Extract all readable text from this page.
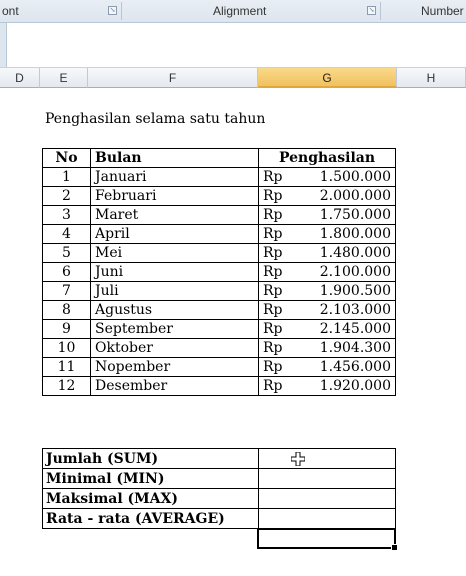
ont	↘	Alignment	↘	Number
D	E	F	G	H
Penghasilan selama satu tahun
No	Bulan	Penghasilan
1	Januari	Rp 1.500.000

2	Februari	Rp 2.000.000

3	Maret	Rp 1.750.000

4	April	Rp 1.800.000

5	Mei	Rp 1.480.000

6	Juni	Rp 2.100.000

7	Juli	Rp 1.900.500

8	Agustus	Rp 2.103.000

9	September	Rp 2.145.000

10	Oktober	Rp 1.904.300

11	Nopember	Rp 1.456.000

12	Desember	Rp 1.920.000
Jumlah (SUM)	
Minimal (MIN)	
Maksimal (MAX)	
Rata - rata (AVERAGE)	
